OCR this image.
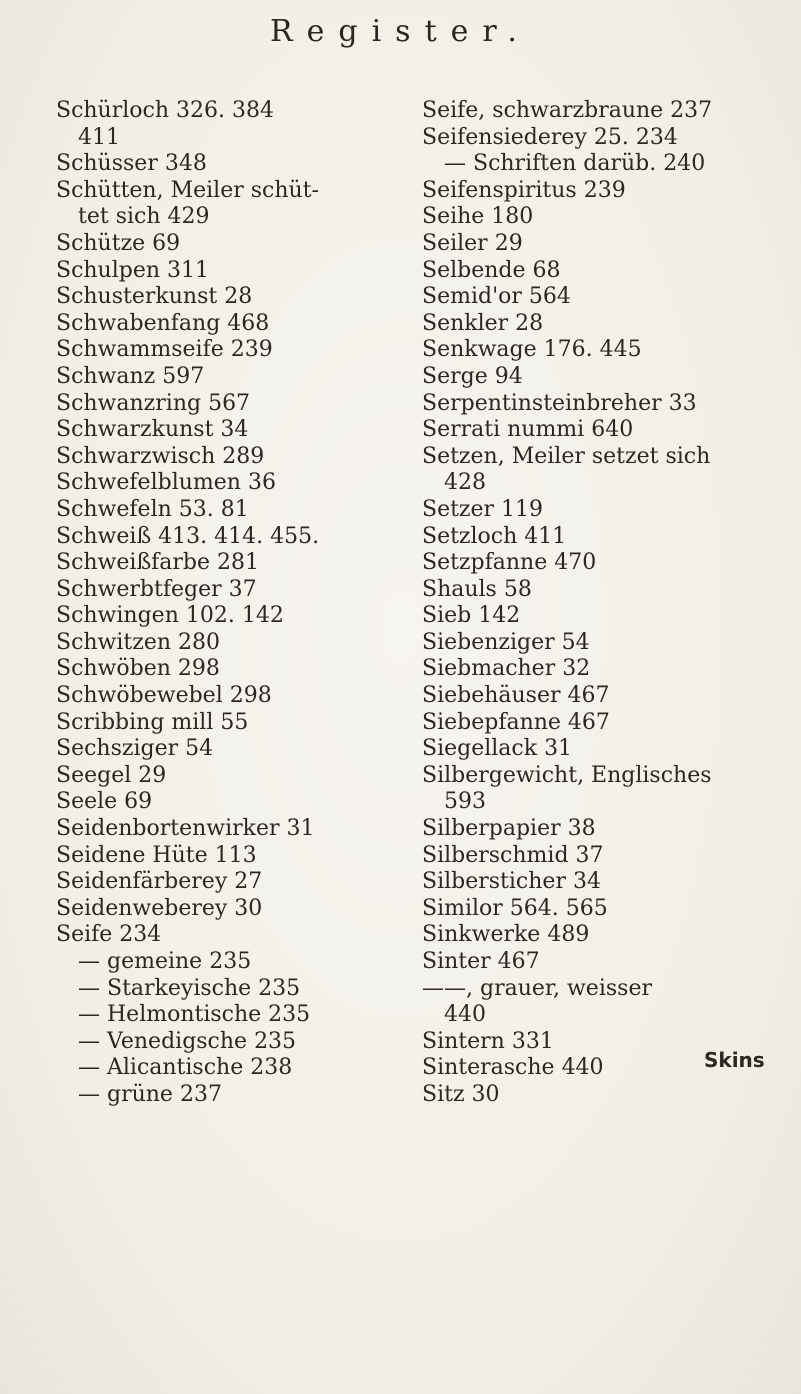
Register.
Schürloch 326. 384
411
Schüsser 348
Schütten, Meiler schüt-
tet sich 429
Schütze 69
Schulpen 311
Schusterkunst 28
Schwabenfang 468
Schwammseife 239
Schwanz 597
Schwanzring 567
Schwarzkunst 34
Schwarzwisch 289
Schwefelblumen 36
Schwefeln 53. 81
Schweiß 413. 414. 455.
Schweißfarbe 281
Schwerbtfeger 37
Schwingen 102. 142
Schwitzen 280
Schwöben 298
Schwöbewebel 298
Scribbing mill 55
Sechsziger 54
Seegel 29
Seele 69
Seidenbortenwirker 31
Seidene Hüte 113
Seidenfärberey 27
Seidenweberey 30
Seife 234
— gemeine 235
— Starkeyische 235
— Helmontische 235
— Venedigsche 235
— Alicantische 238
— grüne 237
Seife, schwarzbraune 237
Seifensiederey 25. 234
— Schriften darüb. 240
Seifenspiritus 239
Seihe 180
Seiler 29
Selbende 68
Semid'or 564
Senkler 28
Senkwage 176. 445
Serge 94
Serpentinsteinbreher 33
Serrati nummi 640
Setzen, Meiler setzet sich
428
Setzer 119
Setzloch 411
Setzpfanne 470
Shauls 58
Sieb 142
Siebenziger 54
Siebmacher 32
Siebehäuser 467
Siebepfanne 467
Siegellack 31
Silbergewicht, Englisches
593
Silberpapier 38
Silberschmid 37
Silbersticher 34
Similor 564. 565
Sinkwerke 489
Sinter 467
——, grauer, weisser
440
Sintern 331
Sinterasche 440
Sitz 30
Skins
